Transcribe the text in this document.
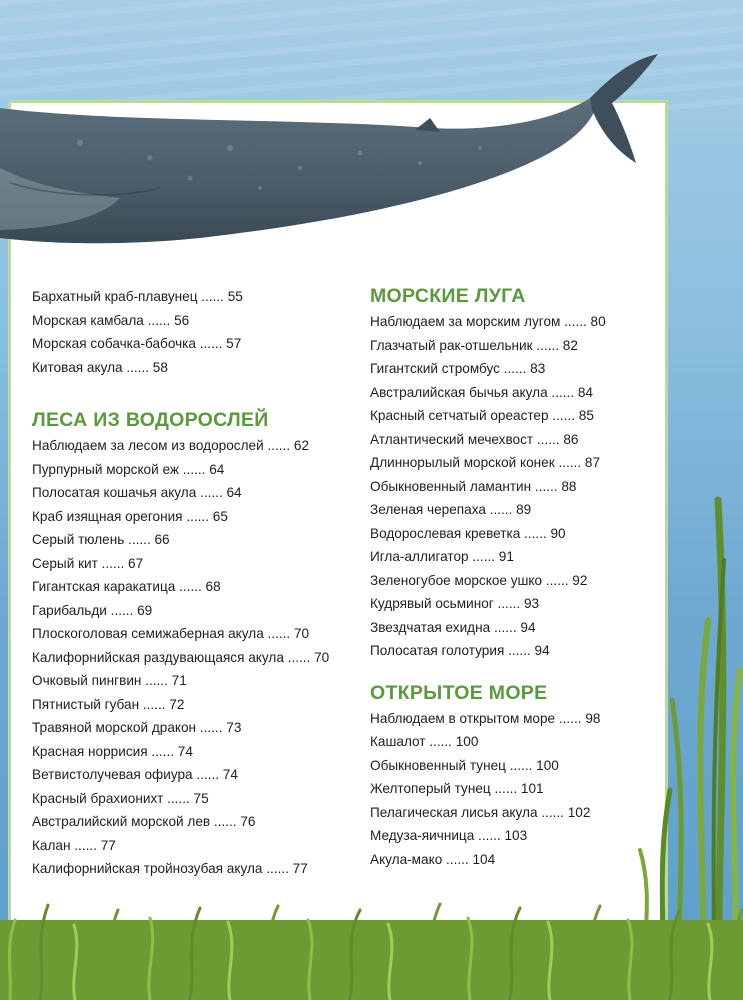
Бархатный краб-плавунец ...... 55
Морская камбала ...... 56
Морская собачка-бабочка ...... 57
Китовая акула ...... 58
ЛЕСА ИЗ ВОДОРОСЛЕЙ
Наблюдаем за лесом из водорослей ...... 62
Пурпурный морской еж ...... 64
Полосатая кошачья акула ...... 64
Краб изящная орегония ...... 65
Серый тюлень ...... 66
Серый кит ...... 67
Гигантская каракатица ...... 68
Гарибальди ...... 69
Плоскоголовая семижаберная акула ...... 70
Калифорнийская раздувающаяся акула ...... 70
Очковый пингвин ...... 71
Пятнистый губан ...... 72
Травяной морской дракон ...... 73
Красная норрисия ...... 74
Ветвистолучевая офиура ...... 74
Красный брахионихт ...... 75
Австралийский морской лев ...... 76
Калан ...... 77
Калифорнийская тройнозубая акула ...... 77
МОРСКИЕ ЛУГА
Наблюдаем за морским лугом ...... 80
Глазчатый рак-отшельник ...... 82
Гигантский стромбус ...... 83
Австралийская бычья акула ...... 84
Красный сетчатый ореастер ...... 85
Атлантический мечехвост ...... 86
Длиннорылый морской конек ...... 87
Обыкновенный ламантин ...... 88
Зеленая черепаха ...... 89
Водорослевая креветка ...... 90
Игла-аллигатор ...... 91
Зеленогубое морское ушко ...... 92
Кудрявый осьминог ...... 93
Звездчатая ехидна ...... 94
Полосатая голотурия ...... 94
ОТКРЫТОЕ МОРЕ
Наблюдаем в открытом море ...... 98
Кашалот ...... 100
Обыкновенный тунец ...... 100
Желтоперый тунец ...... 101
Пелагическая лисья акула ...... 102
Медуза-яичница ...... 103
Акула-мако ...... 104
